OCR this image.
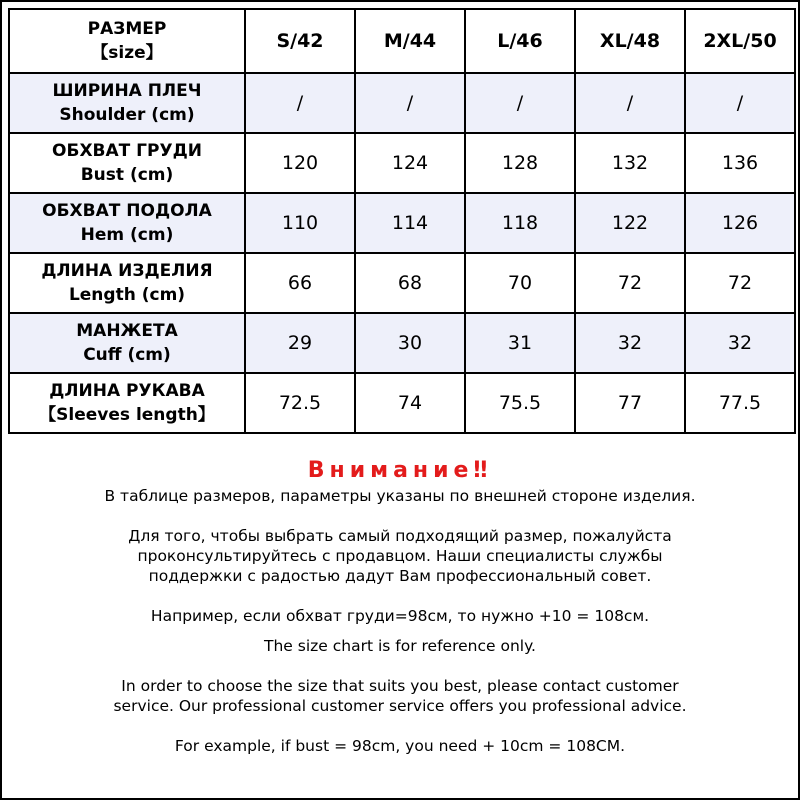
РАЗМЕР
【size】	S/42	M/44	L/46	XL/48	2XL/50

ШИРИНА ПЛЕЧ
Shoulder (cm)	/	/	/	/	/

ОБХВАТ ГРУДИ
Bust (cm)	120	124	128	132	136

ОБХВАТ ПОДОЛА
Hem (cm)	110	114	118	122	126

ДЛИНА ИЗДЕЛИЯ
Length (cm)	66	68	70	72	72

МАНЖЕТА
Cuff (cm)	29	30	31	32	32

ДЛИНА РУКАВА
【Sleeves length】	72.5	74	75.5	77	77.5
Внимание‼
В таблице размеров, параметры указаны по внешней стороне изделия.
Для того, чтобы выбрать самый подходящий размер, пожалуйста
проконсультируйтесь с продавцом. Наши специалисты службы
поддержки с радостью дадут Вам профессиональный совет.
Например, если обхват груди=98см, то нужно +10 = 108см.
The size chart is for reference only.
In order to choose the size that suits you best, please contact customer
service. Our professional customer service offers you professional advice.
For example, if bust = 98cm, you need + 10cm = 108CM.
